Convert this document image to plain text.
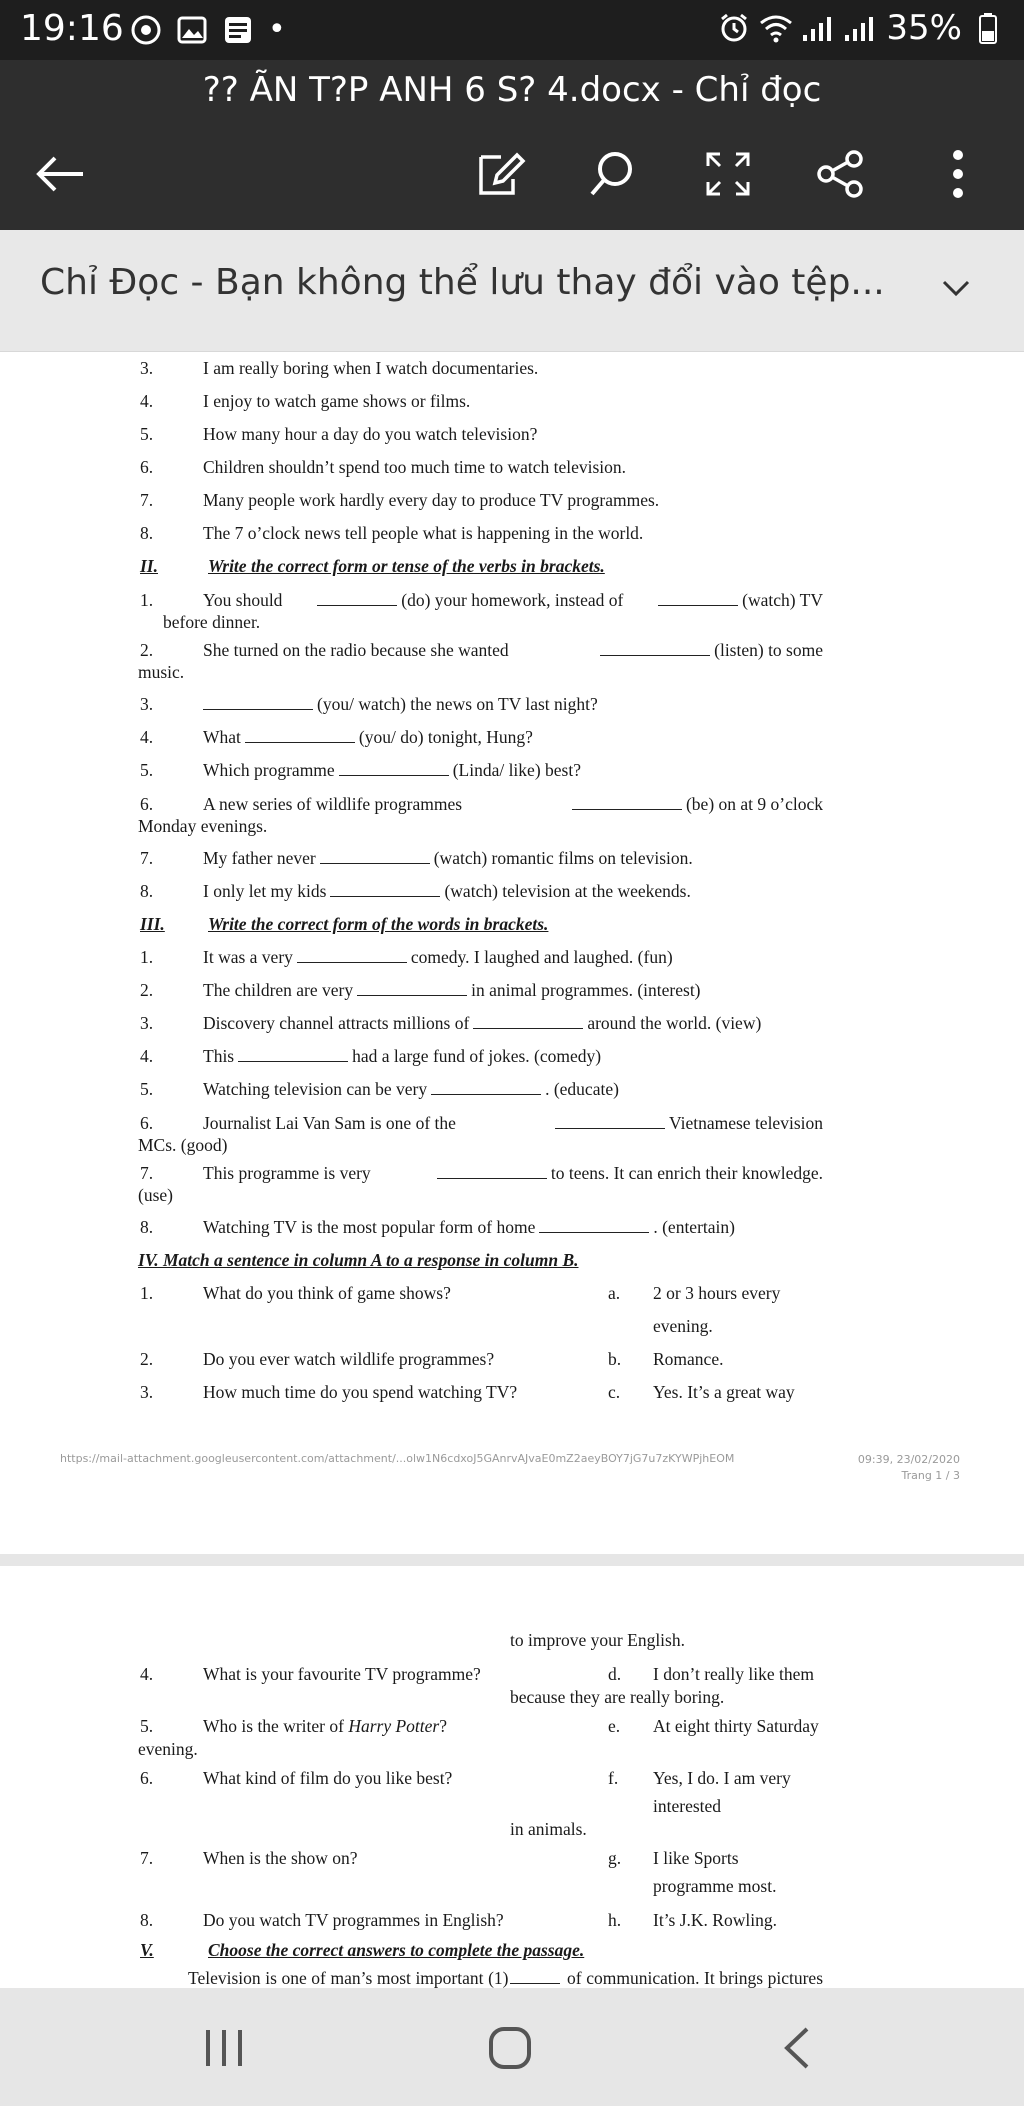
19:16	•	35%
?? ÃN T?P ANH 6 S? 4.docx - Chỉ đọc
Chỉ Đọc - Bạn không thể lưu thay đổi vào tệp...
3.	I am really boring when I watch documentaries.
4.	I enjoy to watch game shows or films.
5.	How many hour a day do you watch television?
6.	Children shouldn’t spend too much time to watch television.
7.	Many people work hardly every day to produce TV programmes.
8.	The 7 o’clock news tell people what is happening in the world.
II.	Write the correct form or tense of the verbs in brackets.
1.	You should	(do) your homework, instead of	(watch) TV
before dinner.
2.	She turned on the radio because she wanted	(listen) to some
music.
3.	(you/ watch) the news on TV last night?
4.	What	(you/ do) tonight, Hung?
5.	Which programme	(Linda/ like) best?
6.	A new series of wildlife programmes	(be) on at 9 o’clock
Monday evenings.
7.	My father never	(watch) romantic films on television.
8.	I only let my kids	(watch) television at the weekends.
III.	Write the correct form of the words in brackets.
1.	It was a very	comedy. I laughed and laughed. (fun)
2.	The children are very	in animal programmes. (interest)
3.	Discovery channel attracts millions of	around the world. (view)
4.	This	had a large fund of jokes. (comedy)
5.	Watching television can be very	. (educate)
6.	Journalist Lai Van Sam is one of the	Vietnamese television
MCs. (good)
7.	This programme is very	to teens. It can enrich their knowledge.
(use)
8.	Watching TV is the most popular form of home	. (entertain)
IV. Match a sentence in column A to a response in column B.
1.	What do you think of game shows?	a.	2 or 3 hours every evening.
2.	Do you ever watch wildlife programmes?	b.	Romance.
3.	How much time do you spend watching TV?	c.	Yes. It’s a great way
https://mail-attachment.googleusercontent.com/attachment/...olw1N6cdxoJ5GAnrvAJvaE0mZ2aeyBOY7jG7u7zKYWPjhEOM	09:39, 23/02/2020
Trang 1 / 3
to improve your English.
4.	What is your favourite TV programme?	d.	I don’t really like them
because they are really boring.
5.	Who is the writer of Harry Potter?	e.	At eight thirty Saturday
evening.
6.	What kind of film do you like best?	f.	Yes, I do. I am very interested
in animals.
7.	When is the show on?	g.	I like Sports programme most.
8.	Do you watch TV programmes in English?	h.	It’s J.K. Rowling.
V.	Choose the correct answers to complete the passage.
Television is one of man’s most important (1)	of communication. It brings pictures
